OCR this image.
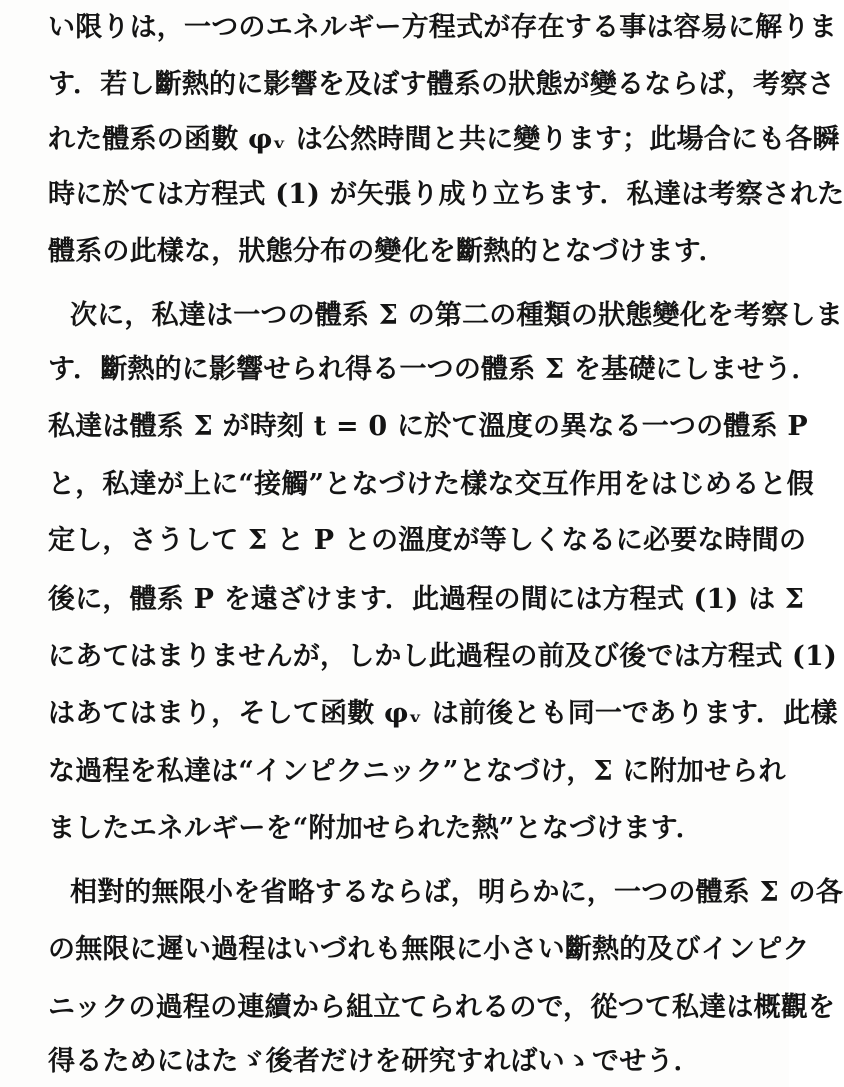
い限りは，一つのエネルギー方程式が存在する事は容易に解りま
す．若し斷熱的に影響を及ぼす體系の狀態が變るならば，考察さ
れた體系の函數 φᵥ は公然時間と共に變ります；此場合にも各瞬
時に於ては方程式 (1) が矢張り成り立ちます．私達は考察された
體系の此樣な，狀態分布の變化を斷熱的となづけます．
次に，私達は一つの體系 Σ の第二の種類の狀態變化を考察しま
す．斷熱的に影響せられ得る一つの體系 Σ を基礎にしませう．
私達は體系 Σ が時刻 t = 0 に於て溫度の異なる一つの體系 P
と，私達が上に“接觸”となづけた樣な交互作用をはじめると假
定し，さうして Σ と P との溫度が等しくなるに必要な時間の
後に，體系 P を遠ざけます．此過程の間には方程式 (1) は Σ
にあてはまりませんが，しかし此過程の前及び後では方程式 (1)
はあてはまり，そして函數 φᵥ は前後とも同一であります．此樣
な過程を私達は“インピクニック”となづけ，Σ に附加せられ
ましたエネルギーを“附加せられた熱”となづけます．
相對的無限小を省略するならば，明らかに，一つの體系 Σ の各
の無限に遲い過程はいづれも無限に小さい斷熱的及びインピク
ニックの過程の連續から組立てられるので，從つて私達は概觀を
得るためにはたゞ後者だけを研究すればいゝでせう．
